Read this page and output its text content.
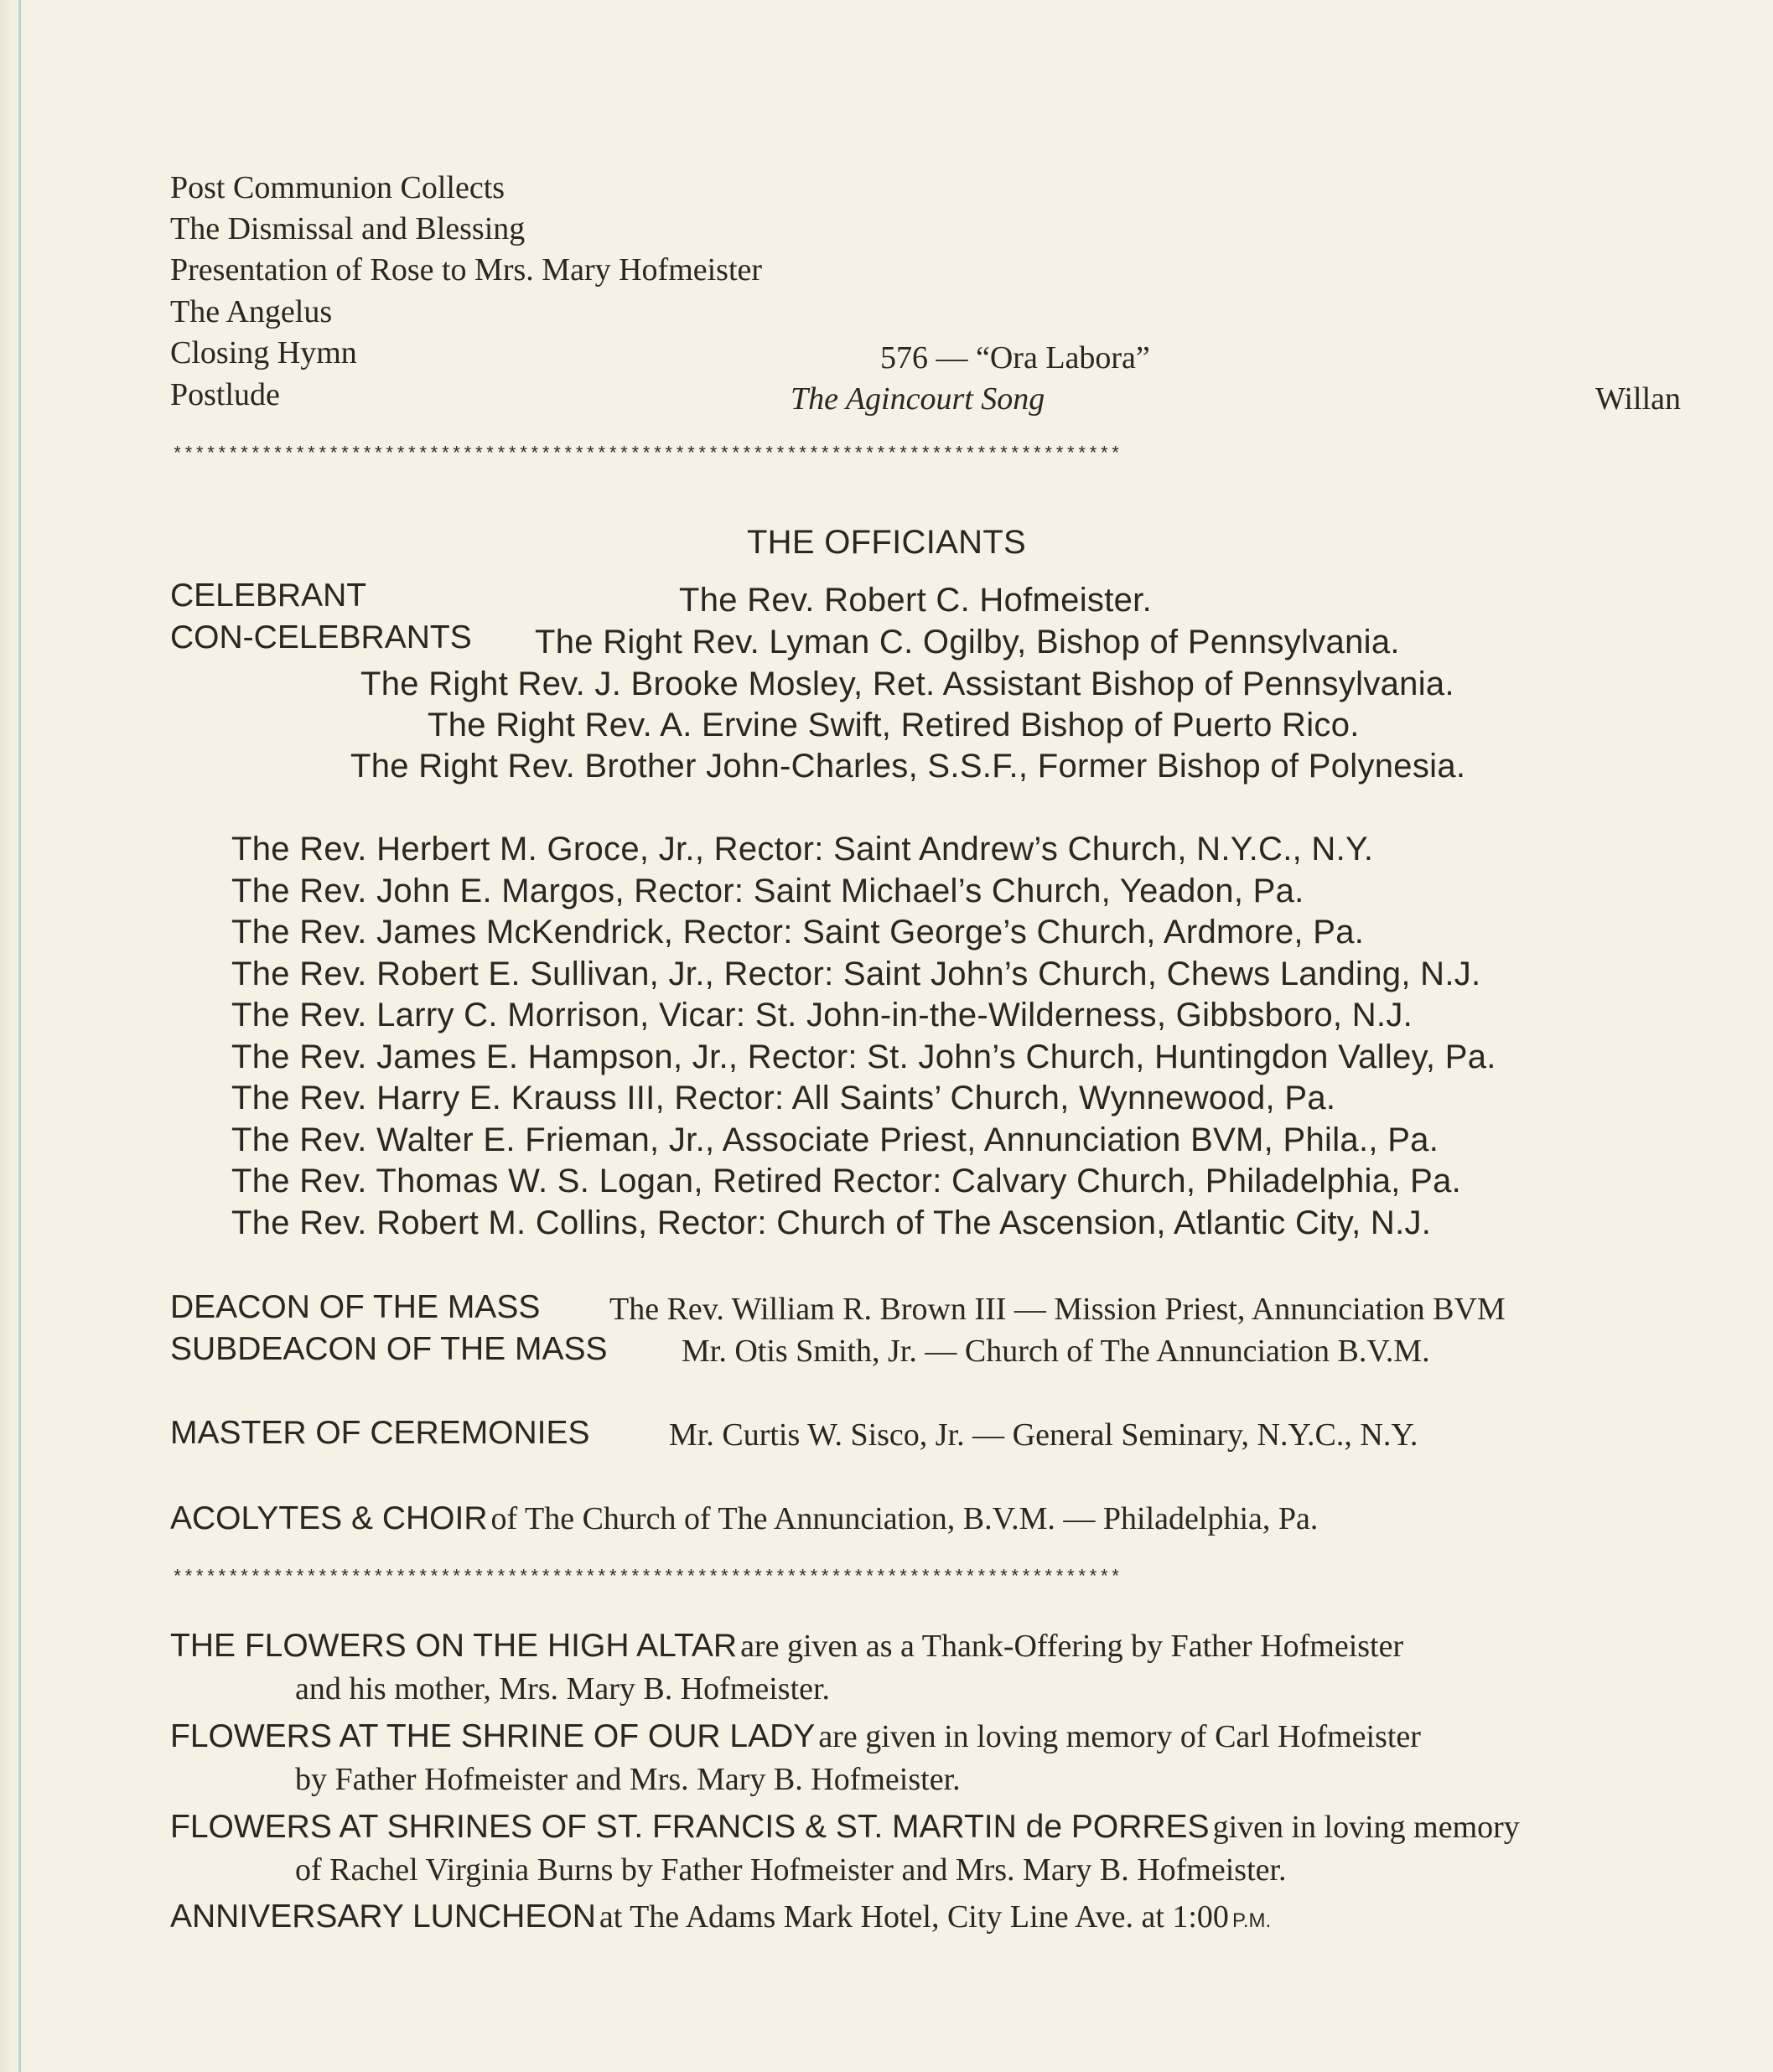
Post Communion Collects
The Dismissal and Blessing
Presentation of Rose to Mrs. Mary Hofmeister
The Angelus
Closing Hymn	576 — “Ora Labora”
Postlude	The Agincourt Song	Willan
*************************************************************************************
THE OFFICIANTS
CELEBRANT	The Rev. Robert C. Hofmeister.
CON-CELEBRANTS The Right Rev. Lyman C. Ogilby, Bishop of Pennsylvania.
The Right Rev. J. Brooke Mosley, Ret. Assistant Bishop of Pennsylvania.
The Right Rev. A. Ervine Swift, Retired Bishop of Puerto Rico.
The Right Rev. Brother John-Charles, S.S.F., Former Bishop of Polynesia.
The Rev. Herbert M. Groce, Jr., Rector: Saint Andrew’s Church, N.Y.C., N.Y.
The Rev. John E. Margos, Rector: Saint Michael’s Church, Yeadon, Pa.
The Rev. James McKendrick, Rector: Saint George’s Church, Ardmore, Pa.
The Rev. Robert E. Sullivan, Jr., Rector: Saint John’s Church, Chews Landing, N.J.
The Rev. Larry C. Morrison, Vicar: St. John-in-the-Wilderness, Gibbsboro, N.J.
The Rev. James E. Hampson, Jr., Rector: St. John’s Church, Huntingdon Valley, Pa.
The Rev. Harry E. Krauss III, Rector: All Saints’ Church, Wynnewood, Pa.
The Rev. Walter E. Frieman, Jr., Associate Priest, Annunciation BVM, Phila., Pa.
The Rev. Thomas W. S. Logan, Retired Rector: Calvary Church, Philadelphia, Pa.
The Rev. Robert M. Collins, Rector: Church of The Ascension, Atlantic City, N.J.
DEACON OF THE MASS The Rev. William R. Brown III — Mission Priest, Annunciation BVM
SUBDEACON OF THE MASS Mr. Otis Smith, Jr. — Church of The Annunciation B.V.M.
MASTER OF CEREMONIES Mr. Curtis W. Sisco, Jr. — General Seminary, N.Y.C., N.Y.
ACOLYTES & CHOIR of The Church of The Annunciation, B.V.M. — Philadelphia, Pa.
*************************************************************************************
THE FLOWERS ON THE HIGH ALTAR are given as a Thank-Offering by Father Hofmeister
and his mother, Mrs. Mary B. Hofmeister.
FLOWERS AT THE SHRINE OF OUR LADY are given in loving memory of Carl Hofmeister
by Father Hofmeister and Mrs. Mary B. Hofmeister.
FLOWERS AT SHRINES OF ST. FRANCIS & ST. MARTIN de PORRES given in loving memory
of Rachel Virginia Burns by Father Hofmeister and Mrs. Mary B. Hofmeister.
ANNIVERSARY LUNCHEON at The Adams Mark Hotel, City Line Ave. at 1:00 P.M.
